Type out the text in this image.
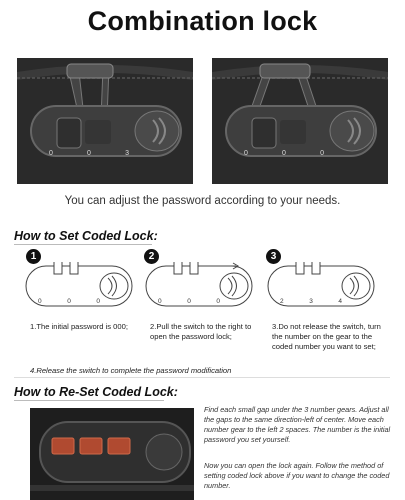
Combination lock
0	0	3	0	0	0
You can adjust the password according to your needs.
How to Set Coded Lock:
1
0	0	0
2
0	0	0
3
2	3	4
1.The initial password is 000;	2.Pull the switch to the right to open the password lock;
3.Do not release the switch, turn the number on the gear to the coded number you want to set;
4.Release the switch to complete the password modification
How to Re-Set Coded Lock:
Find each small gap under the 3 number gears. Adjust all the gaps to the same direction-left of center. Move each number gear to the left 2 spaces. The number is the initial password you set yourself.
Now you can open the lock again. Follow the method of setting coded lock above if you want to change the coded number.
